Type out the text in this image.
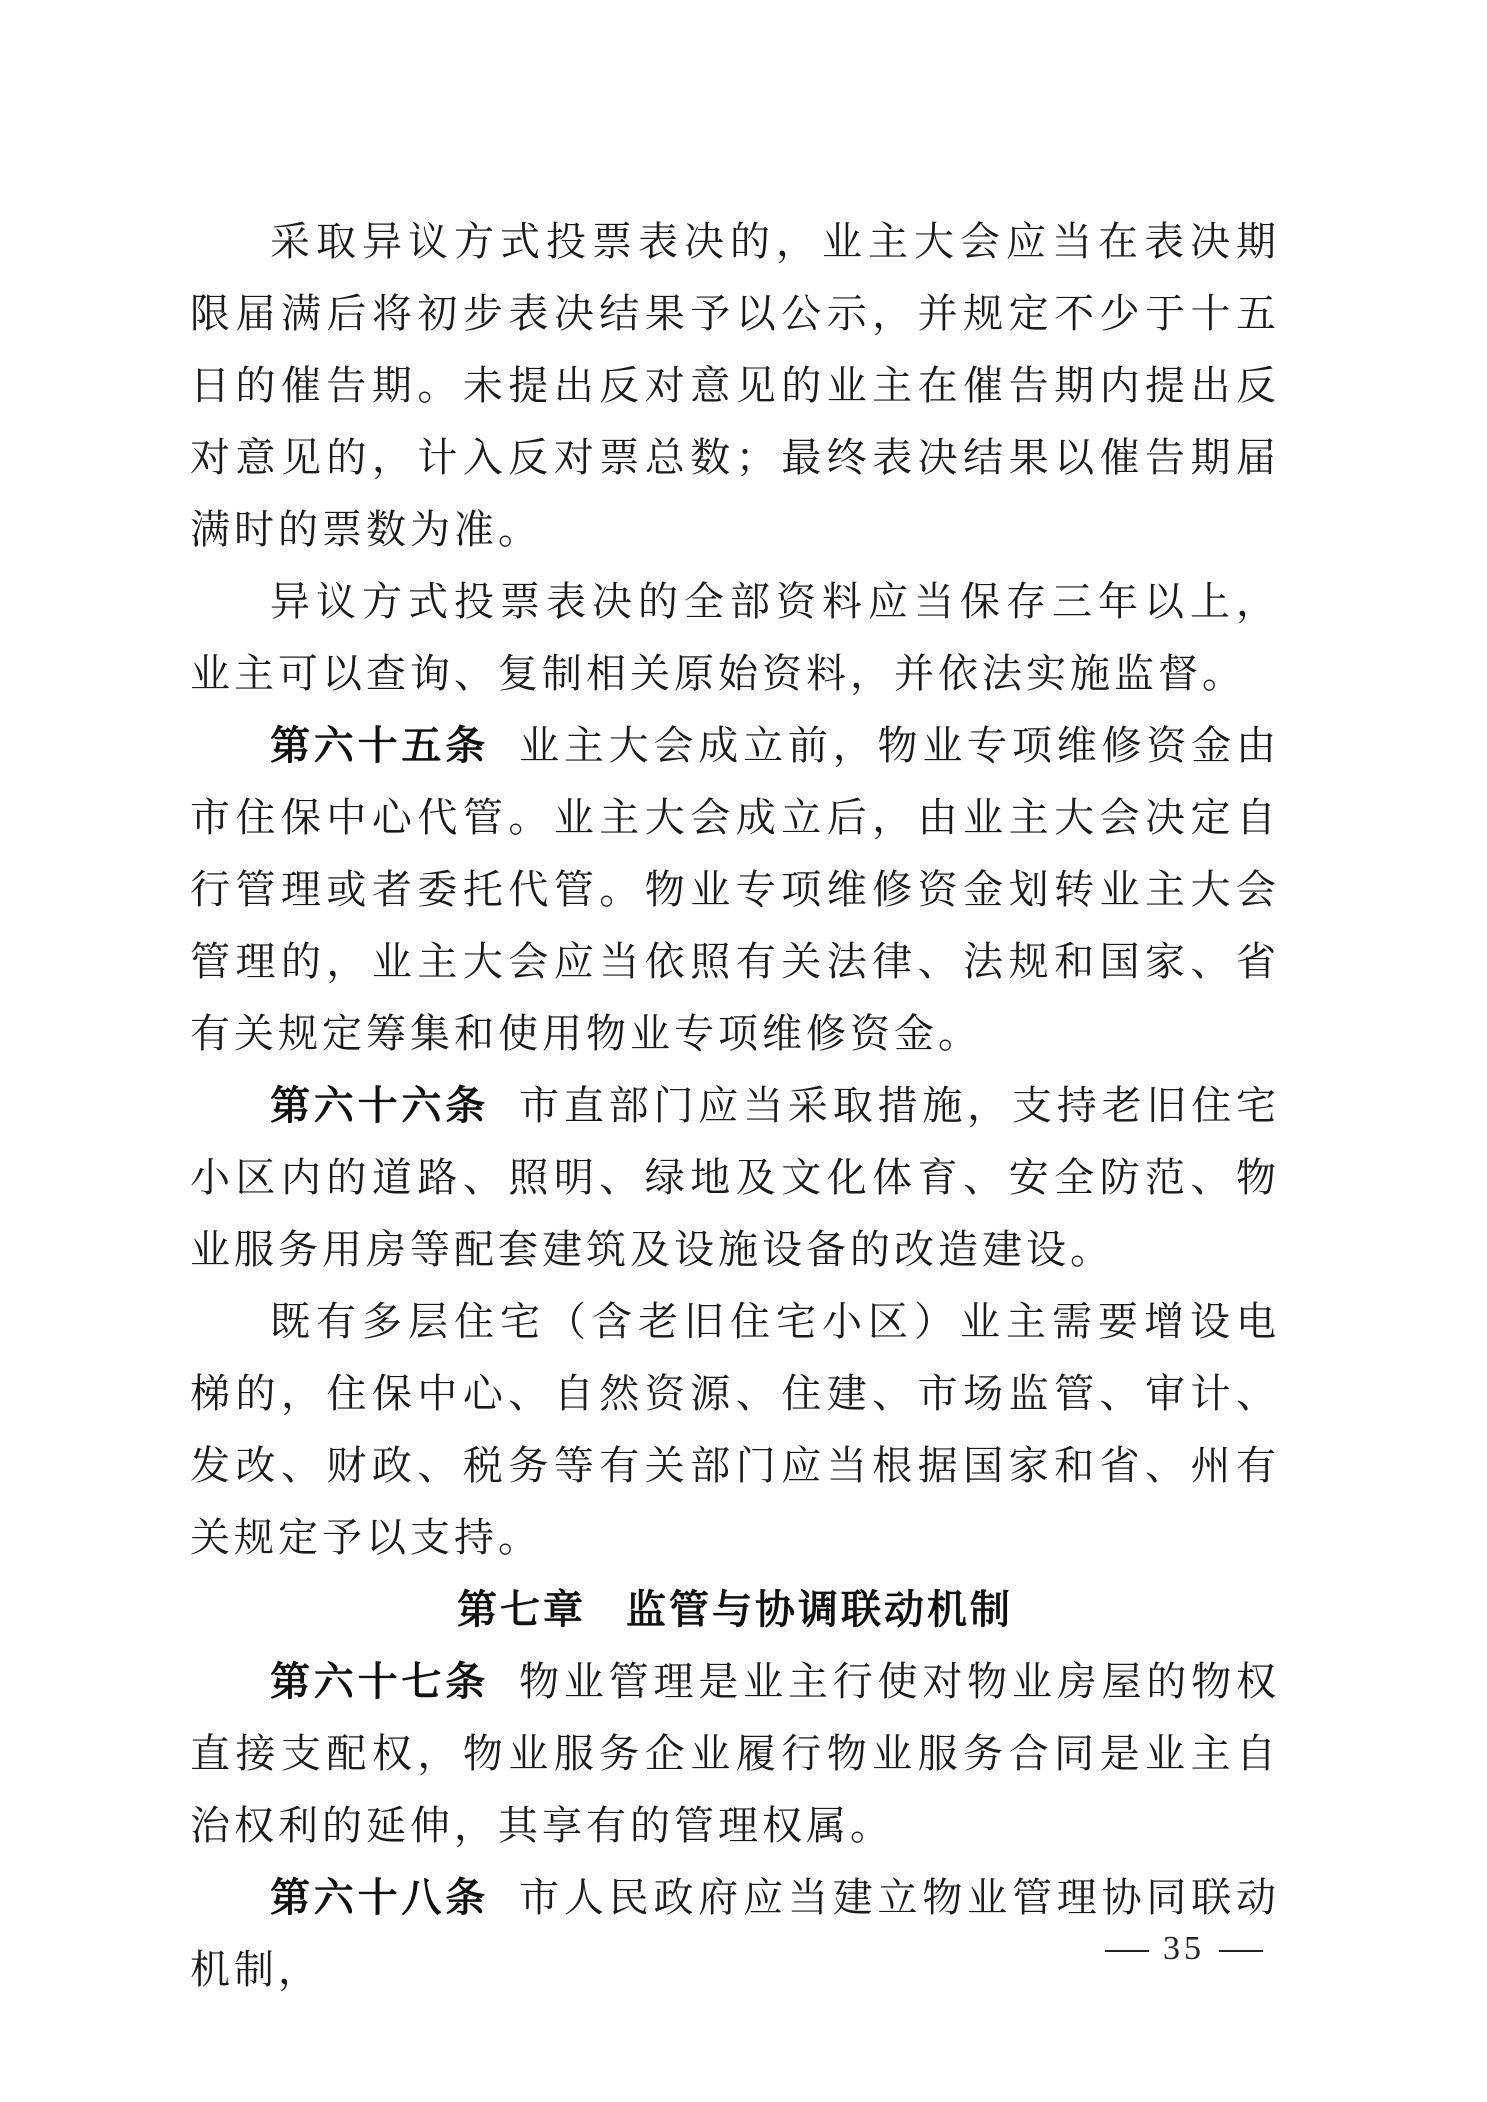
采取异议方式投票表决的，业主大会应当在表决期限届满后将初步表决结果予以公示，并规定不少于十五日的催告期。未提出反对意见的业主在催告期内提出反对意见的，计入反对票总数；最终表决结果以催告期届满时的票数为准。

异议方式投票表决的全部资料应当保存三年以上，业主可以查询、复制相关原始资料，并依法实施监督。

第六十五条 业主大会成立前，物业专项维修资金由市住保中心代管。业主大会成立后，由业主大会决定自行管理或者委托代管。物业专项维修资金划转业主大会管理的，业主大会应当依照有关法律、法规和国家、省有关规定筹集和使用物业专项维修资金。

第六十六条 市直部门应当采取措施，支持老旧住宅小区内的道路、照明、绿地及文化体育、安全防范、物业服务用房等配套建筑及设施设备的改造建设。

既有多层住宅（含老旧住宅小区）业主需要增设电梯的，住保中心、自然资源、住建、市场监管、审计、发改、财政、税务等有关部门应当根据国家和省、州有关规定予以支持。

第七章 监管与协调联动机制

第六十七条 物业管理是业主行使对物业房屋的物权直接支配权，物业服务企业履行物业服务合同是业主自治权利的延伸，其享有的管理权属。

第六十八条 市人民政府应当建立物业管理协同联动机制，	35
